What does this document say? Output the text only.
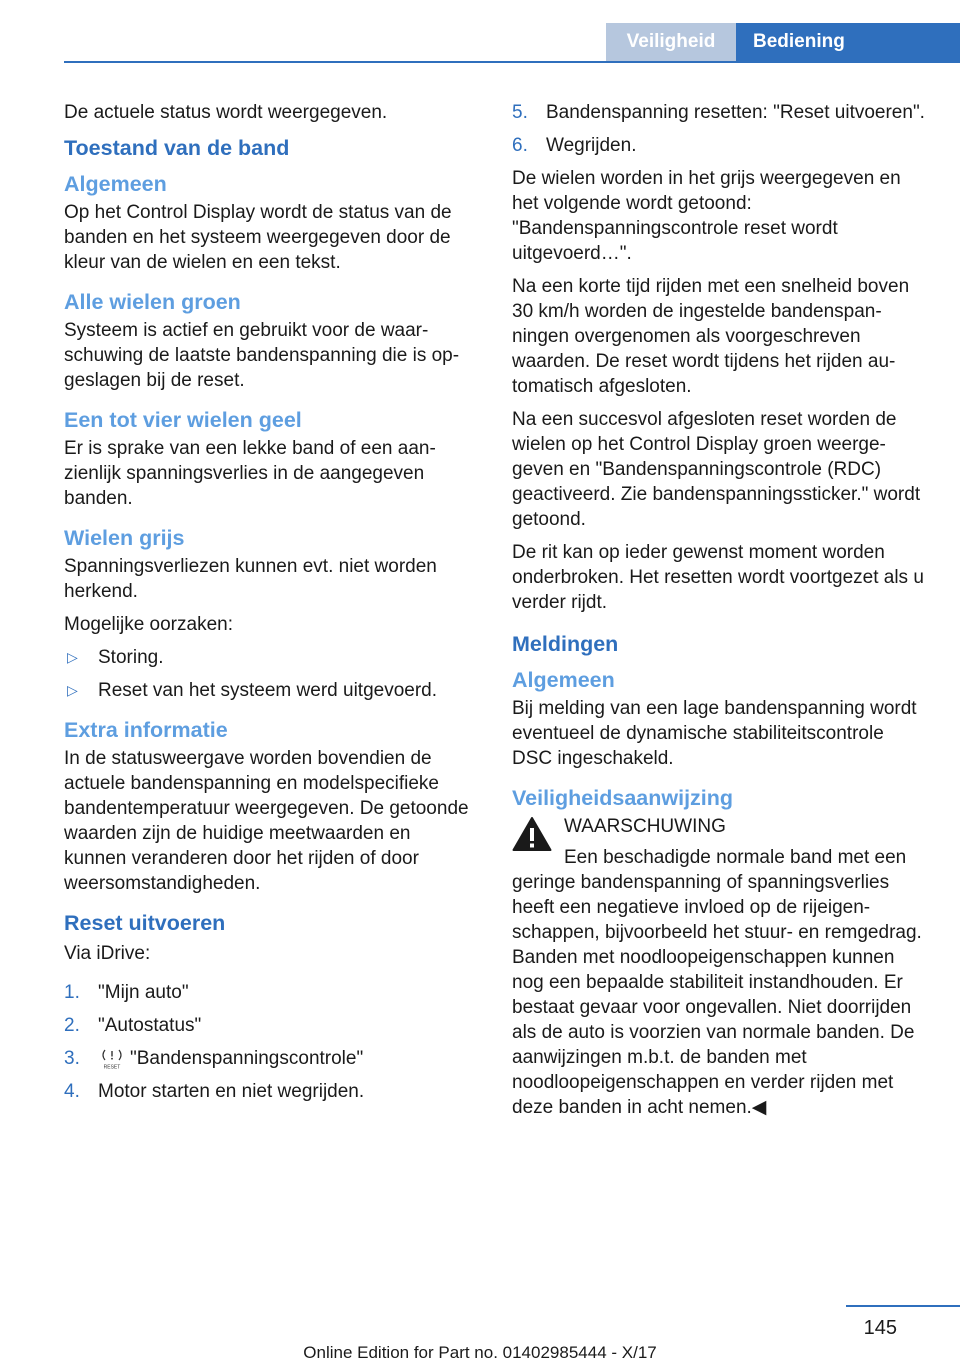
Veiligheid	Bediening
De actuele status wordt weergegeven.
Toestand van de band
Algemeen
Op het Control Display wordt de status van de banden en het systeem weergegeven door de kleur van de wielen en een tekst.
Alle wielen groen
Systeem is actief en gebruikt voor de waarschuwing de laatste bandenspanning die is opgeslagen bij de reset.
Een tot vier wielen geel
Er is sprake van een lekke band of een aanzienlijk spanningsverlies in de aangegeven banden.
Wielen grijs
Spanningsverliezen kunnen evt. niet worden herkend.
Mogelijke oorzaken:
▷	Storing.
▷	Reset van het systeem werd uitgevoerd.
Extra informatie
In de statusweergave worden bovendien de actuele bandenspanning en modelspecifieke bandentemperatuur weergegeven. De getoonde waarden zijn de huidige meetwaarden en kunnen veranderen door het rijden of door weersomstandigheden.
Reset uitvoeren
Via iDrive:
1. "Mijn auto"
2. "Autostatus"
3.	RESET "Bandenspanningscontrole"
4. Motor starten en niet wegrijden.
5. Bandenspanning resetten: "Reset uitvoeren".
6. Wegrijden.
De wielen worden in het grijs weergegeven en het volgende wordt getoond: "Bandenspanningscontrole reset wordt uitgevoerd…".
Na een korte tijd rijden met een snelheid boven 30 km/h worden de ingestelde bandenspanningen overgenomen als voorgeschreven waarden. De reset wordt tijdens het rijden automatisch afgesloten.
Na een succesvol afgesloten reset worden de wielen op het Control Display groen weergegeven en "Bandenspanningscontrole (RDC) geactiveerd. Zie bandenspanningssticker." wordt getoond.
De rit kan op ieder gewenst moment worden onderbroken. Het resetten wordt voortgezet als u verder rijdt.
Meldingen
Algemeen
Bij melding van een lage bandenspanning wordt eventueel de dynamische stabiliteitscontrole DSC ingeschakeld.
Veiligheidsaanwijzing
WAARSCHUWING
Een beschadigde normale band met een geringe bandenspanning of spanningsverlies heeft een negatieve invloed op de rijeigenschappen, bijvoorbeeld het stuur- en remgedrag. Banden met noodloopeigenschappen kunnen nog een bepaalde stabiliteit instandhouden. Er bestaat gevaar voor ongevallen. Niet doorrijden als de auto is voorzien van normale banden. De aanwijzingen m.b.t. de banden met noodloopeigenschappen en verder rijden met deze banden in acht nemen.◀
145
Online Edition for Part no. 01402985444 - X/17
